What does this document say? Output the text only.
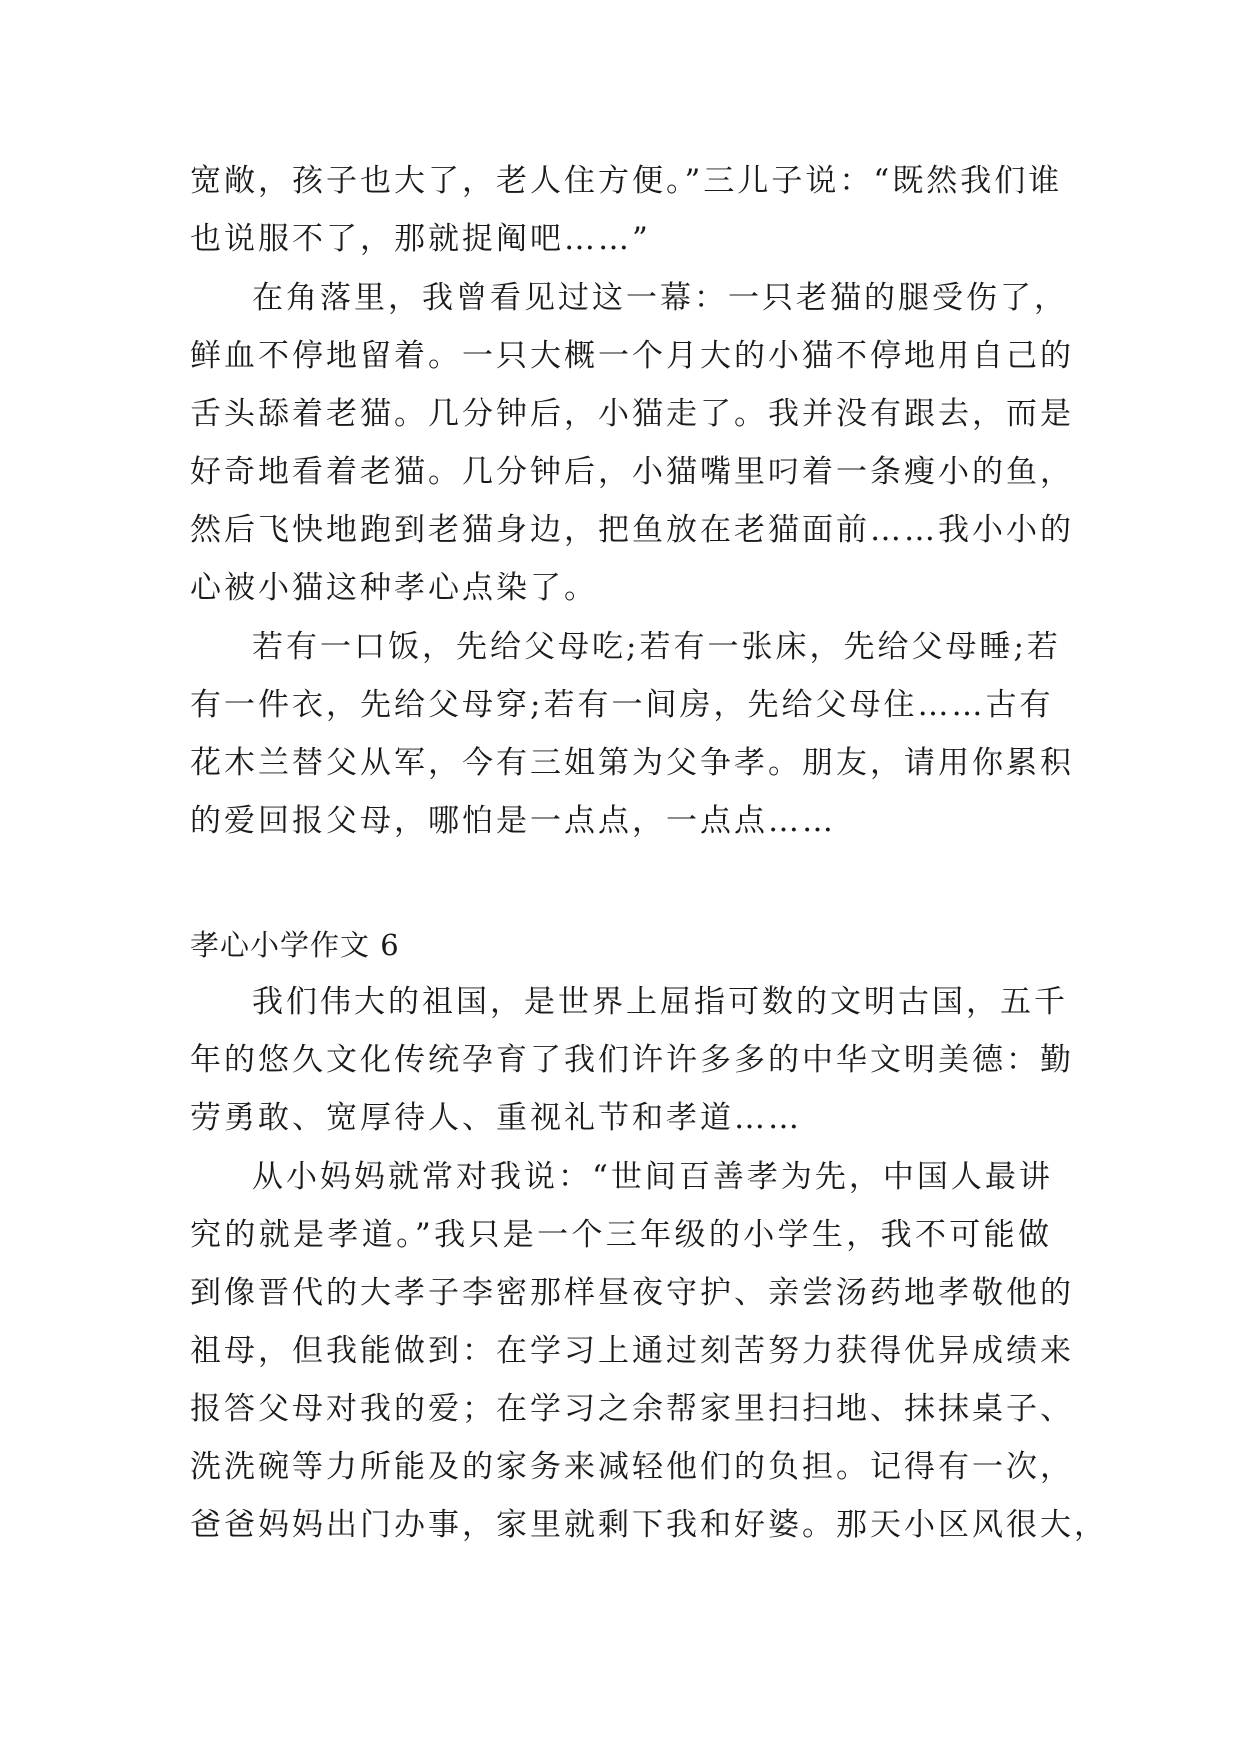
宽敞，孩子也大了，老人住方便。”三儿子说：“既然我们谁
也说服不了，那就捉阄吧……”
在角落里，我曾看见过这一幕：一只老猫的腿受伤了，
鲜血不停地留着。一只大概一个月大的小猫不停地用自己的
舌头舔着老猫。几分钟后，小猫走了。我并没有跟去，而是
好奇地看着老猫。几分钟后，小猫嘴里叼着一条瘦小的鱼，
然后飞快地跑到老猫身边，把鱼放在老猫面前……我小小的
心被小猫这种孝心点染了。
若有一口饭，先给父母吃;若有一张床，先给父母睡;若
有一件衣，先给父母穿;若有一间房，先给父母住……古有
花木兰替父从军，今有三姐第为父争孝。朋友，请用你累积
的爱回报父母，哪怕是一点点，一点点……
孝心小学作文 6
我们伟大的祖国，是世界上屈指可数的文明古国，五千
年的悠久文化传统孕育了我们许许多多的中华文明美德：勤
劳勇敢、宽厚待人、重视礼节和孝道……
从小妈妈就常对我说：“世间百善孝为先，中国人最讲
究的就是孝道。”我只是一个三年级的小学生，我不可能做
到像晋代的大孝子李密那样昼夜守护、亲尝汤药地孝敬他的
祖母，但我能做到：在学习上通过刻苦努力获得优异成绩来
报答父母对我的爱；在学习之余帮家里扫扫地、抹抹桌子、
洗洗碗等力所能及的家务来减轻他们的负担。记得有一次，
爸爸妈妈出门办事，家里就剩下我和好婆。那天小区风很大，
